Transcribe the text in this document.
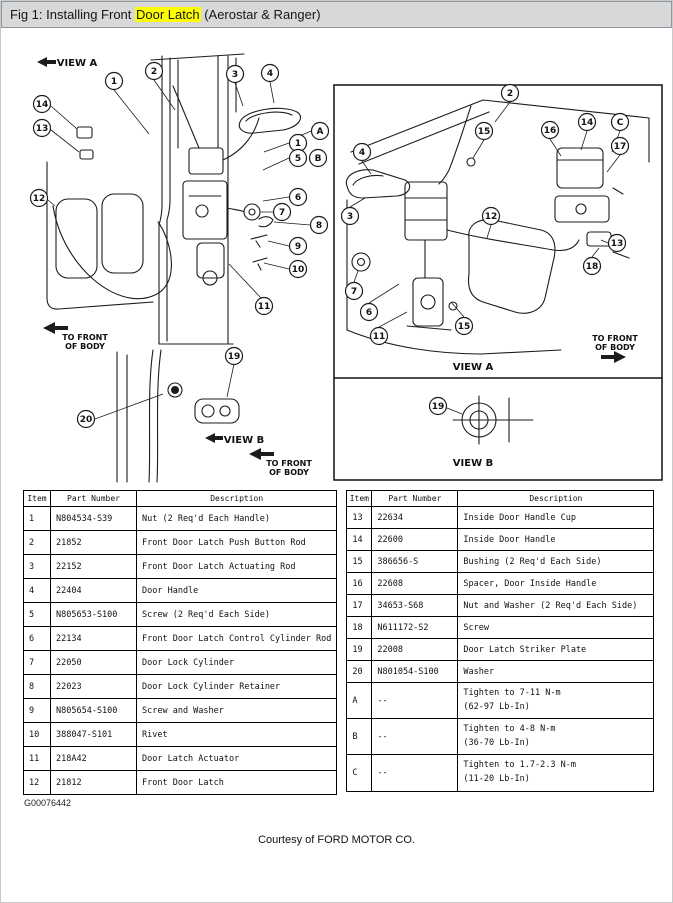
Fig 1: Installing Front Door Latch (Aerostar & Ranger)
VIEW A
TO FRONT
OF BODY
1
2	3	4
14
13	A
1
5 B
12	6
7
8
9
10
11
19
20
VIEW B
TO FRONT
OF BODY
2
15	16
14	C
17
4
3	12
13
18
7
6
15
11	TO FRONT
OF BODY
VIEW A
19
VIEW B
Item	Part Number	Description
1	N804534-S39	Nut (2 Req'd Each Handle)
2	21852	Front Door Latch Push Button Rod
3	22152	Front Door Latch Actuating Rod
4	22404	Door Handle
5	N805653-S100	Screw (2 Req'd Each Side)
6	22134	Front Door Latch Control Cylinder Rod
7	22050	Door Lock Cylinder
8	22023	Door Lock Cylinder Retainer
9	N805654-S100	Screw and Washer
10	388047-S101	Rivet
11	218A42	Door Latch Actuator
12	21812	Front Door Latch
Item	Part Number	Description
13	22634	Inside Door Handle Cup
14	22600	Inside Door Handle
15	386656-S	Bushing (2 Req'd Each Side)
16	22608	Spacer, Door Inside Handle
17	34653-S68	Nut and Washer (2 Req'd Each Side)
18	N611172-S2	Screw
19	22008	Door Latch Striker Plate
20	N801054-S100	Washer
A	--	Tighten to 7-11 N-m
(62-97 Lb-In)

B	--	Tighten to 4-8 N-m
(36-70 Lb-In)

C	--	Tighten to 1.7-2.3 N-m
(11-20 Lb-In)
G00076442
Courtesy of FORD MOTOR CO.
